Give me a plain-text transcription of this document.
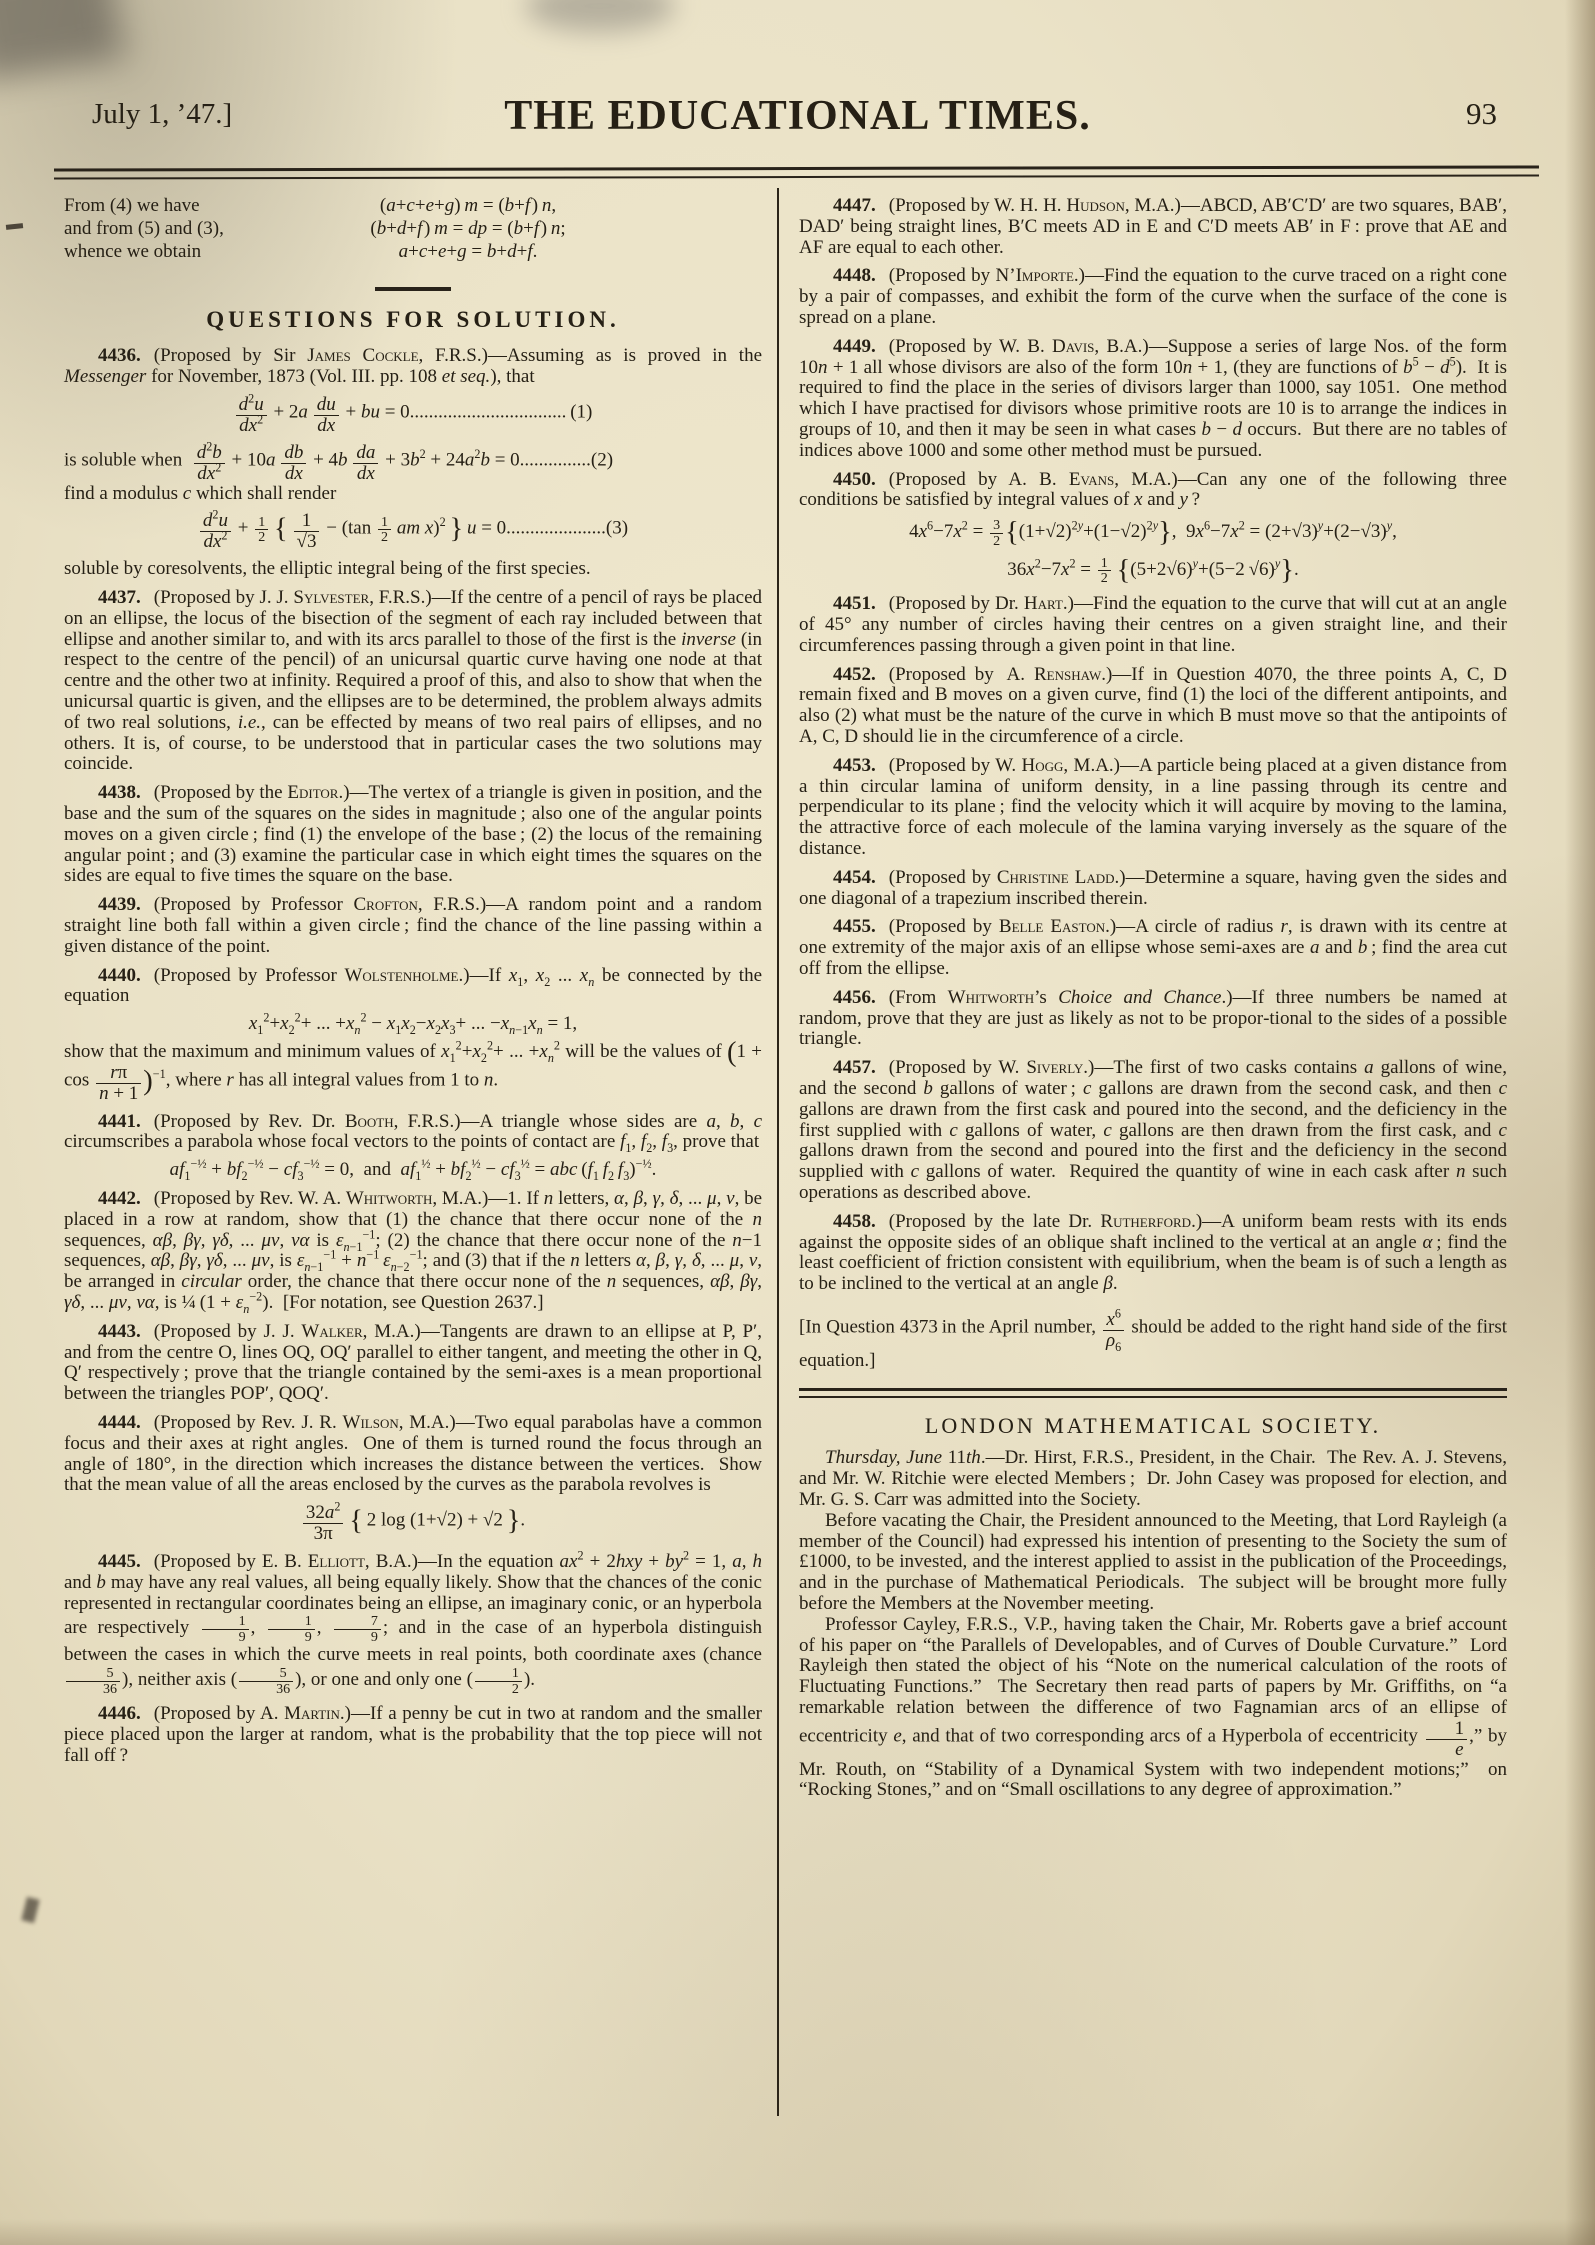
July 1, ’47.]	THE EDUCATIONAL TIMES.	93
From (4) we have	(a+c+e+g) m = (b+f ) n,
and from (5) and (3),	(b+d+f ) m = dp = (b+f ) n;
whence we obtain	a+c+e+g = b+d+f.
QUESTIONS FOR SOLUTION.
4436. (Proposed by Sir James Cockle, F.R.S.)—Assuming as is proved in the Messenger for November, 1873 (Vol. III. pp. 108 et seq.), that
$\frac{d^2u}{dx^2} + 2a \frac{du}{dx}$ + bu = 0................................. (1)
is soluble when $\frac{d^2b}{dx^2} + 10a \frac{db}{dx} + 4b \frac{da}{dx} + 3b^2 + 24a^2b = 0...............(2)$
find a modulus c which shall render
$\frac{d^2u}{dx^2} + \frac{1}{2}$
  {  $\frac{1}{√3} - (\tan \frac{1}{2}$
  am x)$^2$  }  u = 0.....................(3)
soluble by coresolvents, the elliptic integral being of the first species.
4437. (Proposed by J. J. Sylvester, F.R.S.)—If the centre of a pencil of rays be placed on an ellipse, the locus of the bisection of the segment of each ray included between that ellipse and another similar to, and with its arcs parallel to those of the first is the inverse (in respect to the centre of the pencil) of an unicursal quartic curve having one node at that centre and the other two at infinity. Required a proof of this, and also to show that when the unicursal quartic is given, and the ellipses are to be determined, the problem always admits of two real solutions, i.e., can be effected by means of two real pairs of ellipses, and no others. It is, of course, to be understood that in particular cases the two solutions may coincide.
4438. (Proposed by the Editor.)—The vertex of a triangle is given in position, and the base and the sum of the squares on the sides in magnitude ; also one of the angular points moves on a given circle ; find (1) the envelope of the base ; (2) the locus of the remaining angular point ; and (3) examine the particular case in which eight times the squares on the sides are equal to five times the square on the base.
4439. (Proposed by Professor Crofton, F.R.S.)—A random point and a random straight line both fall within a given circle ; find the chance of the line passing within a given distance of the point.
4440. (Proposed by Professor Wolstenholme.)—If $x_1$, $x_2$ ... $x_n$ be connected by the equation
$x_1^2+x_2^2+$ ... $+x_n^2 - x_1x_2-x_2x_3+$ ... $-x_{n-1}x_n = 1$,
show that the maximum and minimum values of $x_1^2+x_2^2+$ ... $+x_n^2$ will be the values of $(1 + \cos \frac{r\pi}{n + 1} )^{-1}$, where r has all integral values from 1 to n.
4441. (Proposed by Rev. Dr. Booth, F.R.S.)—A triangle whose sides are a, b, c circumscribes a parabola whose focal vectors to the points of contact are $f_1$, $f_2$, $f_3$, prove that
$af_1^{-\frac{1}{2}} + bf_2^{-\frac{1}{2}} - cf_3^{-\frac{1}{2}} = 0$,  and  $af_1^{\frac{1}{2}} + bf_2^{\frac{1}{2}} - cf_3^{\frac{1}{2}}$ = abc ($f_1$  $f_2$  $f_3)^{-\frac{1}{2}}$.
4442. (Proposed by Rev. W. A. Whitworth, M.A.)—1. If n letters, α, β, γ, δ, ... μ, ν, be placed in a row at random, show that (1) the chance that there occur none of the n sequences, αβ, βγ, γδ, ... μν, να is $\varepsilon_{n-1}^{-1}$; (2) the chance that there occur none of the n−1 sequences, αβ, βγ, γδ, ... μν, is $\varepsilon_{n-1}^{-1} + n^{-1}$  $\varepsilon_{n-2}^{-1}$; and (3) that if the n letters α, β, γ, δ, ... μ, ν, be arranged in circular order, the chance that there occur none of the n sequences, αβ, βγ, γδ, ... μν, να, is ¼ $(1 + \varepsilon_n^{-2})$.  [For notation, see Question 2637.]
4443. (Proposed by J. J. Walker, M.A.)—Tangents are drawn to an ellipse at P, P′, and from the centre O, lines OQ, OQ′ parallel to either tangent, and meeting the other in Q, Q′ respectively ; prove that the triangle contained by the semi-axes is a mean proportional between the triangles POP′, QOQ′.
4444. (Proposed by Rev. J. R. Wilson, M.A.)—Two equal parabolas have a common focus and their axes at right angles.  One of them is turned round the focus through an angle of 180°, in the direction which increases the distance between the vertices.  Show that the mean value of all the areas enclosed by the curves as the parabola revolves is
$\frac{32a^2}{3\pi}$
  { 2 log (1+√2) + √2 }.
4445. (Proposed by E. B. Elliott, B.A.)—In the equation $ax^2 + 2hxy + by^2 = 1$, a, h and b may have any real values, all being equally likely. Show that the chances of the conic represented in rectangular coordinates being an ellipse, an imaginary conic, or an hyperbola are respectively $\frac{1}{9}$ , $\frac{1}{9}$ , $\frac{7}{9}$ ; and in the case of an hyperbola distinguish between the cases in which the curve meets in real points, both coordinate axes (chance
$\frac{5}{36}$ ), neither axis ( $\frac{5}{36}$ ), or one and only one ( $\frac{1}{2}$ ).
4446. (Proposed by A. Martin.)—If a penny be cut in two at random and the smaller piece placed upon the larger at random, what is the probability that the top piece will not fall off ?
4447. (Proposed by W. H. H. Hudson, M.A.)—ABCD, AB′C′D′ are two squares, BAB′, DAD′ being straight lines, B′C meets AD in E and C′D meets AB′ in F : prove that AE and AF are equal to each other.
4448. (Proposed by N’Importe.)—Find the equation to the curve traced on a right cone by a pair of compasses, and exhibit the form of the curve when the surface of the cone is spread on a plane.
4449. (Proposed by W. B. Davis, B.A.)—Suppose a series of large Nos. of the form 10n + 1 all whose divisors are also of the form 10n + 1, (they are functions of $b^5 - d^5$).  It is required to find the place in the series of divisors larger than 1000, say 1051.  One method which I have practised for divisors whose primitive roots are 10 is to arrange the indices in groups of 10, and then it may be seen in what cases b − d occurs.  But there are no tables of indices above 1000 and some other method must be pursued.
4450. (Proposed by A. B. Evans, M.A.)—Can any one of the following three conditions be satisfied by integral values of x and y ?
$4x^6-7x^2 = \frac{3}{2} \{(1+√2)^{2y}+(1-√2)^{2y}\}$, $9x^6-7x^2 = (2+√3)^y+(2-√3)^y$,
$36x^2-7x^2 = \frac{1}{2}$
  {$(5+2√6)^y+(5-2$ √6)$^y$}.
4451. (Proposed by Dr. Hart.)—Find the equation to the curve that will cut at an angle of 45° any number of circles having their centres on a given straight line, and their circumferences passing through a given point in that line.
4452. (Proposed by  A. Renshaw.)—If in Question 4070, the three points A, C, D remain fixed and B moves on a given curve, find (1) the loci of the different antipoints, and also (2) what must be the nature of the curve in which B must move so that the antipoints of A, C, D should lie in the circumference of a circle.
4453. (Proposed by W. Hogg, M.A.)—A particle being placed at a given distance from a thin circular lamina of uniform density, in a line passing through its centre and perpendicular to its plane ; find the velocity which it will acquire by moving to the lamina, the attractive force of each molecule of the lamina varying inversely as the square of the distance.
4454. (Proposed by Christine Ladd.)—Determine a square, having gven the sides and one diagonal of a trapezium inscribed therein.
4455. (Proposed by Belle Easton.)—A circle of radius r, is drawn with its centre at one extremity of the major axis of an ellipse whose semi-axes are a and b ; find the area cut off from the ellipse.
4456. (From Whitworth’s Choice and Chance.)—If three numbers be named at random, prove that they are just as likely as not to be propor‑tional to the sides of a possible triangle.
4457. (Proposed by W. Siverly.)—The first of two casks contains a gallons of wine, and the second b gallons of water ; c gallons are drawn from the second cask, and then c gallons are drawn from the first cask and poured into the second, and the deficiency in the first supplied with c gallons of water, c gallons are then drawn from the first cask, and c gallons drawn from the second and poured into the first and the deficiency in the second supplied with c gallons of water.  Required the quantity of wine in each cask after n such operations as described above.
4458. (Proposed by the late Dr. Rutherford.)—A uniform beam rests with its ends against the opposite sides of an oblique shaft inclined to the vertical at an angle α ; find the least coefficient of friction consistent with equilibrium, when the beam is of such a length as to be inclined to the vertical at an angle β.
[In Question 4373 in the April number, $\frac{x^6}{\rho_6}$ should be added to the right hand side of the first equation.]
LONDON MATHEMATICAL SOCIETY.

Thursday, June 11th.—Dr. Hirst, F.R.S., President, in the Chair.  The Rev. A. J. Stevens, and Mr. W. Ritchie were elected Members ;  Dr. John Casey was proposed for election, and Mr. G. S. Carr was admitted into the Society.

Before vacating the Chair, the President announced to the Meeting, that Lord Rayleigh (a member of the Council) had expressed his intention of presenting to the Society the sum of £1000, to be invested, and the interest applied to assist in the publication of the Proceedings, and in the purchase of Mathematical Periodicals.  The subject will be brought more fully before the Members at the November meeting.

Professor Cayley, F.R.S., V.P., having taken the Chair, Mr. Roberts gave a brief account of his paper on “the Parallels of Developables, and of Curves of Double Curvature.”  Lord Rayleigh then stated the object of his “Note on the numerical calculation of the roots of Fluctuating Functions.”  The Secretary then read parts of papers by Mr. Griffiths, on “a remarkable relation between the difference of two Fagnamian arcs of an ellipse of eccentricity e, and that of two corresponding arcs of a Hyperbola of eccentricity $\frac{1}{e}$ ,” by Mr. Routh, on “Stability of a Dynamical System with two independent motions;”  on “Rocking Stones,” and on “Small oscillations to any degree of approximation.”
